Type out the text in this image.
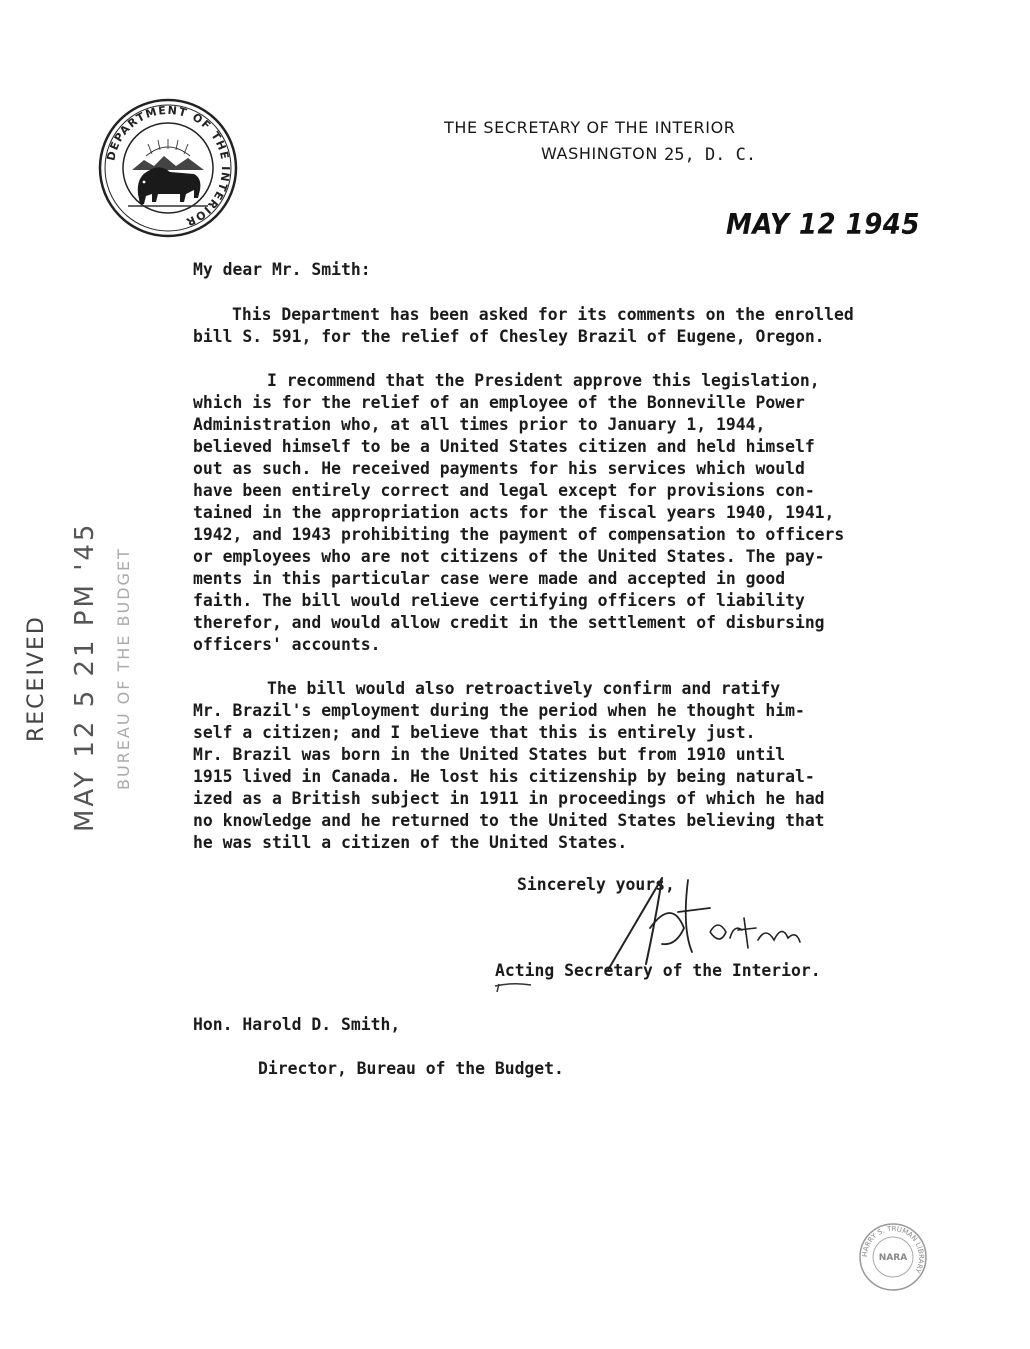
DEPARTMENT OF THE INTERIOR
THE SECRETARY OF THE INTERIOR
WASHINGTON 25, D. C.
MAY 12 1945
My dear Mr. Smith:
This Department has been asked for its comments on the enrolled
bill S. 591, for the relief of Chesley Brazil of Eugene, Oregon.
I recommend that the President approve this legislation,
which is for the relief of an employee of the Bonneville Power
Administration who, at all times prior to January 1, 1944,
believed himself to be a United States citizen and held himself
out as such. He received payments for his services which would
have been entirely correct and legal except for provisions con-
tained in the appropriation acts for the fiscal years 1940, 1941,
1942, and 1943 prohibiting the payment of compensation to officers
or employees who are not citizens of the United States. The pay-
ments in this particular case were made and accepted in good
faith. The bill would relieve certifying officers of liability
therefor, and would allow credit in the settlement of disbursing
officers' accounts.
The bill would also retroactively confirm and ratify
Mr. Brazil's employment during the period when he thought him-
self a citizen; and I believe that this is entirely just.
Mr. Brazil was born in the United States but from 1910 until
1915 lived in Canada. He lost his citizenship by being natural-
ized as a British subject in 1911 in proceedings of which he had
no knowledge and he returned to the United States believing that
he was still a citizen of the United States.
Sincerely yours,
Acting Secretary of the Interior.
Hon. Harold D. Smith,
Director, Bureau of the Budget.
RECEIVED MAY 12 5 21 PM '45 BUREAU OF THE BUDGET
HARRY S. TRUMAN LIBRARY
NARA
